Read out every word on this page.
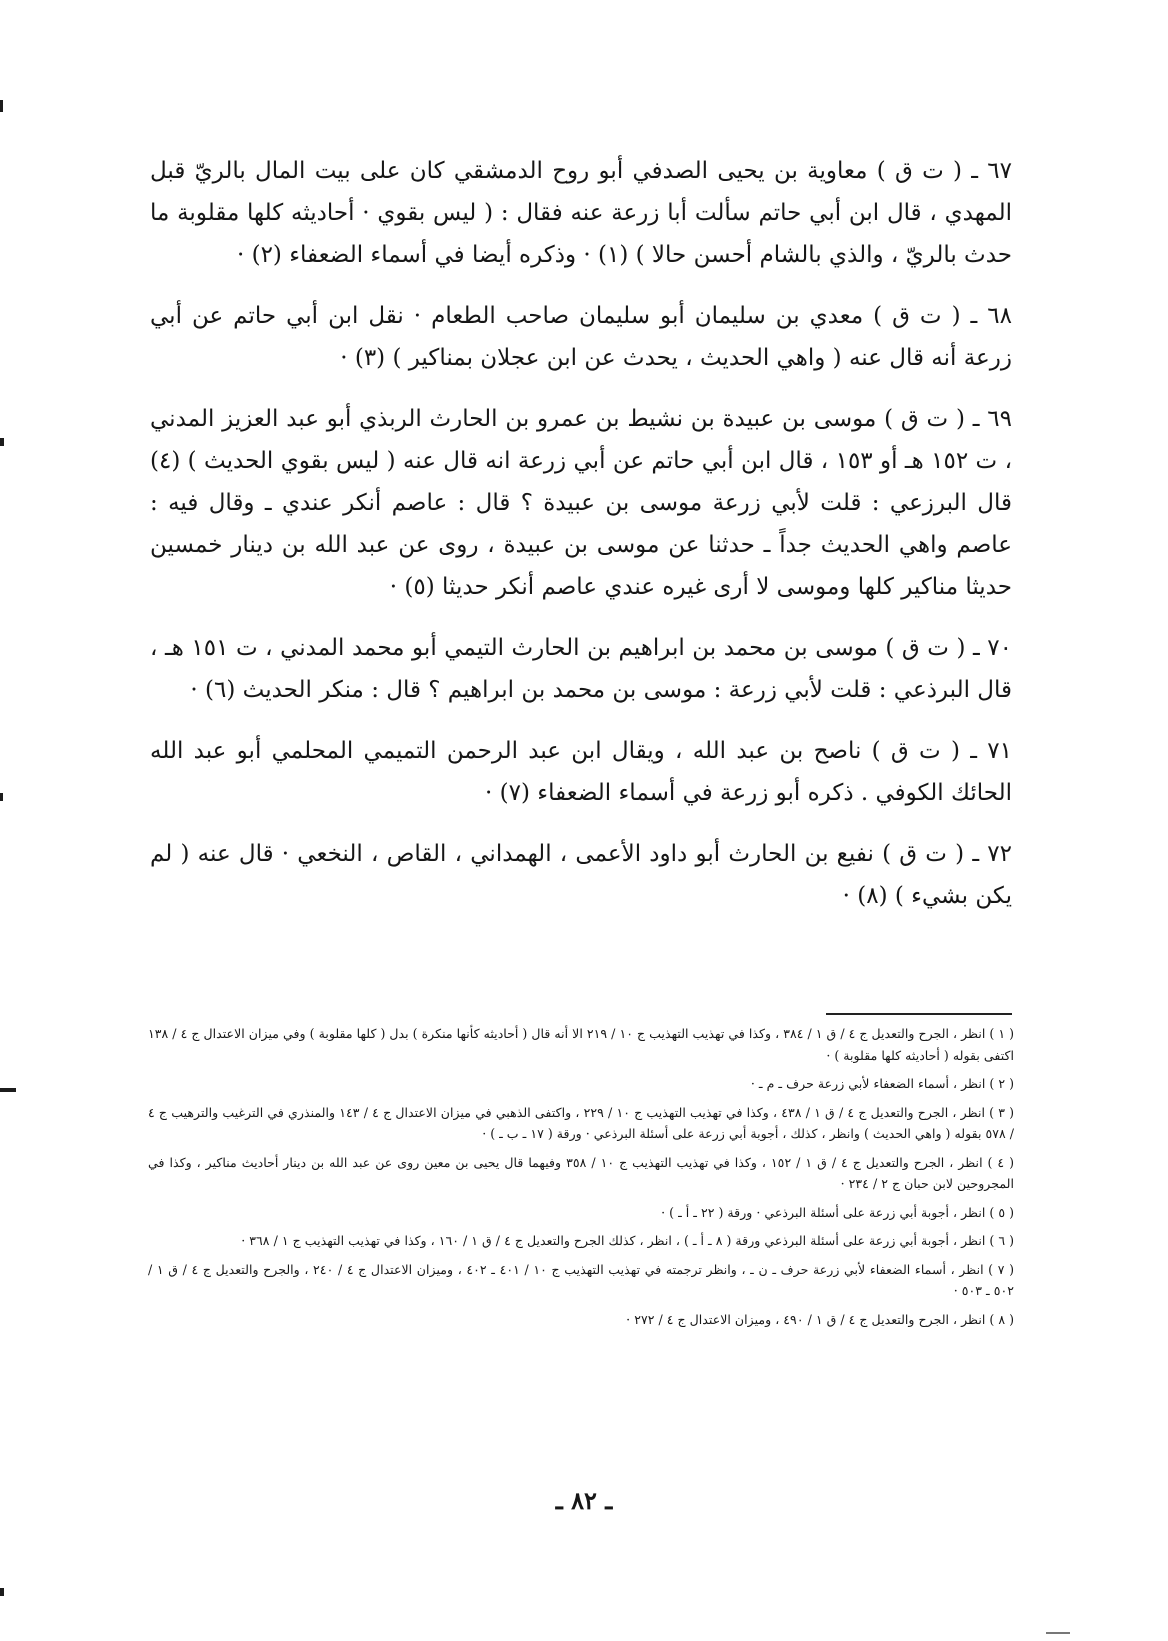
٦٧ ـ ( ت ق ) معاوية بن يحيى الصدفي أبو روح الدمشقي كان على بيت المال بالريّ قبل المهدي ، قال ابن أبي حاتم سألت أبا زرعة عنه فقال : ( ليس بقوي · أحاديثه كلها مقلوبة ما حدث بالريّ ، والذي بالشام أحسن حالا ) (١) · وذكره أيضا في أسماء الضعفاء (٢) ·

٦٨ ـ ( ت ق ) معدي بن سليمان أبو سليمان صاحب الطعام · نقل ابن أبي حاتم عن أبي زرعة أنه قال عنه ( واهي الحديث ، يحدث عن ابن عجلان بمناكير ) (٣) ·

٦٩ ـ ( ت ق ) موسى بن عبيدة بن نشيط بن عمرو بن الحارث الربذي أبو عبد العزيز المدني ، ت ١٥٢ هـ أو ١٥٣ ، قال ابن أبي حاتم عن أبي زرعة انه قال عنه ( ليس بقوي الحديث ) (٤) قال البرزعي : قلت لأبي زرعة موسى بن عبيدة ؟ قال : عاصم أنكر عندي ـ وقال فيه : عاصم واهي الحديث جداً ـ حدثنا عن موسى بن عبيدة ، روى عن عبد الله بن دينار خمسين حديثا مناكير كلها وموسى لا أرى غيره عندي عاصم أنكر حديثا (٥) ·

٧٠ ـ ( ت ق ) موسى بن محمد بن ابراهيم بن الحارث التيمي أبو محمد المدني ، ت ١٥١ هـ ، قال البرذعي : قلت لأبي زرعة : موسى بن محمد بن ابراهيم ؟ قال : منكر الحديث (٦) ·

٧١ ـ ( ت ق ) ناصح بن عبد الله ، ويقال ابن عبد الرحمن التميمي المحلمي أبو عبد الله الحائك الكوفي . ذكره أبو زرعة في أسماء الضعفاء (٧) ·

٧٢ ـ ( ت ق ) نفيع بن الحارث أبو داود الأعمى ، الهمداني ، القاص ، النخعي · قال عنه ( لم يكن بشيء ) (٨) ·

( ١ ) انظر ، الجرح والتعديل ج ٤ / ق ١ / ٣٨٤ ، وكذا في تهذيب التهذيب ج ١٠ / ٢١٩ الا أنه قال ( أحاديثه كأنها منكرة ) بدل ( كلها مقلوبة ) وفي ميزان الاعتدال ج ٤ / ١٣٨ اكتفى بقوله ( أحاديثه كلها مقلوبة ) ·

( ٢ ) انظر ، أسماء الضعفاء لأبي زرعة حرف ـ م ـ ·

( ٣ ) انظر ، الجرح والتعديل ج ٤ / ق ١ / ٤٣٨ ، وكذا في تهذيب التهذيب ج ١٠ / ٢٢٩ ، واكتفى الذهبي في ميزان الاعتدال ج ٤ / ١٤٣ والمنذري في الترغيب والترهيب ج ٤ / ٥٧٨ بقوله ( واهي الحديث ) وانظر ، كذلك ، أجوبة أبي زرعة على أسئلة البرذعي · ورقة ( ١٧ ـ ب ـ ) ·

( ٤ ) انظر ، الجرح والتعديل ج ٤ / ق ١ / ١٥٢ ، وكذا في تهذيب التهذيب ج ١٠ / ٣٥٨ وفيهما قال يحيى بن معين روى عن عبد الله بن دينار أحاديث مناكير ، وكذا في المجروحين لابن حبان ج ٢ / ٢٣٤ ·

( ٥ ) انظر ، أجوبة أبي زرعة على أسئلة البرذعي · ورقة ( ٢٢ ـ أ ـ ) ·

( ٦ ) انظر ، أجوبة أبي زرعة على أسئلة البرذعي ورقة ( ٨ ـ أ ـ ) ، انظر ، كذلك الجرح والتعديل ج ٤ / ق ١ / ١٦٠ ، وكذا في تهذيب التهذيب ج ١ / ٣٦٨ ·

( ٧ ) انظر ، أسماء الضعفاء لأبي زرعة حرف ـ ن ـ ، وانظر ترجمته في تهذيب التهذيب ج ١٠ / ٤٠١ ـ ٤٠٢ ، وميزان الاعتدال ج ٤ / ٢٤٠ ، والجرح والتعديل ج ٤ / ق ١ / ٥٠٢ ـ ٥٠٣ ·

( ٨ ) انظر ، الجرح والتعديل ج ٤ / ق ١ / ٤٩٠ ، وميزان الاعتدال ج ٤ / ٢٧٢ ·

ـ ٨٢ ـ
